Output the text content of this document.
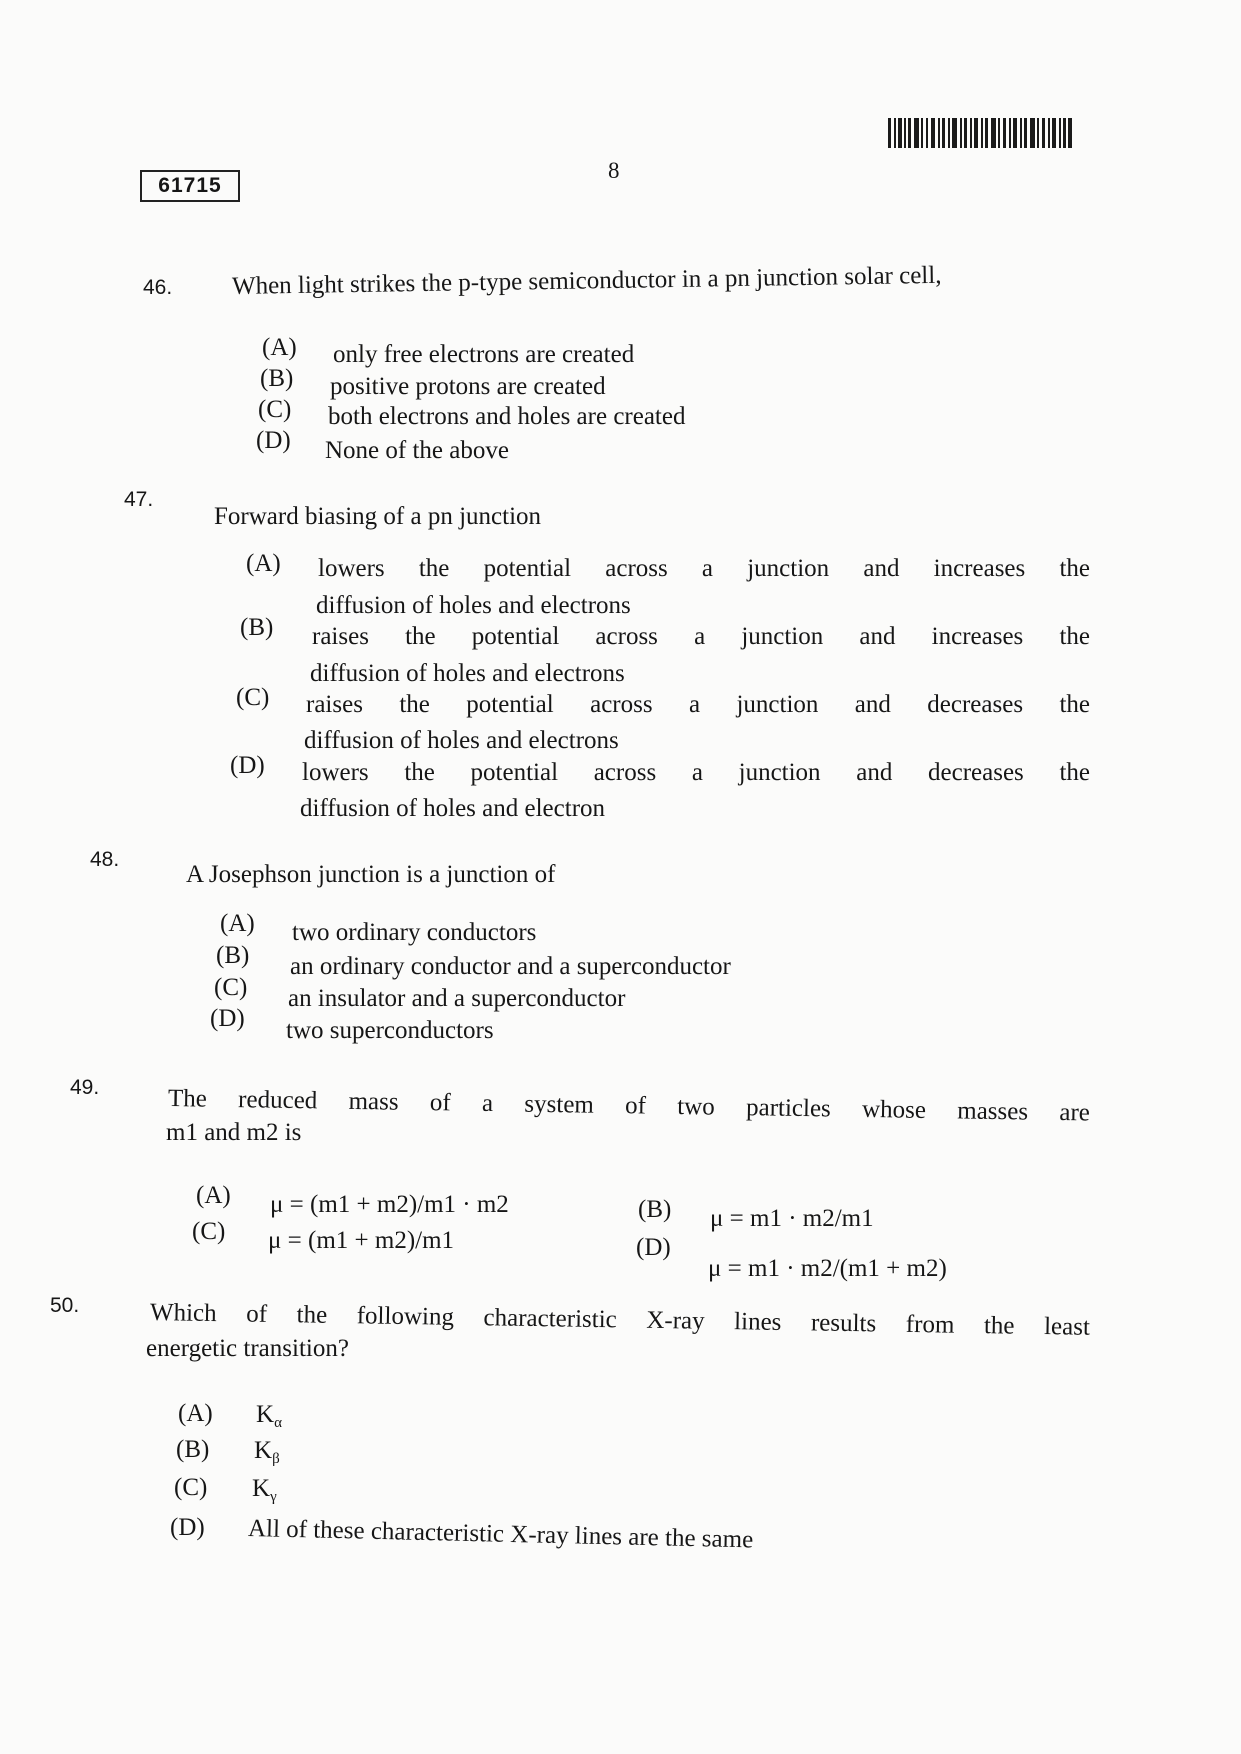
61715
8
46. When light strikes the p-type semiconductor in a pn junction solar cell,
(A) only free electrons are created
(B) positive protons are created
(C) both electrons and holes are created
(D) None of the above
47.
Forward biasing of a pn junction
(A) lowers the potential across a junction and increases the
diffusion of holes and electrons
(B) raises the potential across a junction and increases the
diffusion of holes and electrons
(C) raises the potential across a junction and decreases the
diffusion of holes and electrons
(D) lowers the potential across a junction and decreases the
diffusion of holes and electron
48.
A Josephson junction is a junction of
(A) two ordinary conductors
(B) an ordinary conductor and a superconductor
(C) an insulator and a superconductor
(D) two superconductors
49.	The reduced mass of a system of two particles whose masses are
m1 and m2 is
(A) μ = (m1 + m2)/m1 · m2	(B) μ = m1 · m2/m1
(C) μ = (m1 + m2)/m1	(D)
μ = m1 · m2/(m1 + m2)
50.	Which of the following characteristic X-ray lines results from the least
energetic transition?
(A) $K_\alpha$
(B) $K_\beta$
(C) $K_\gamma$
(D) All of these characteristic X-ray lines are the same
